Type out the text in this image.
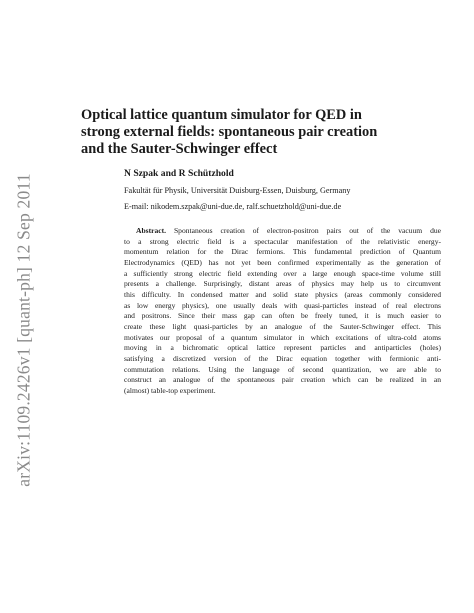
arXiv:1109.2426v1 [quant-ph] 12 Sep 2011
Optical lattice quantum simulator for QED in
strong external fields: spontaneous pair creation
and the Sauter-Schwinger effect
N Szpak and R Schützhold
Fakultät für Physik, Universität Duisburg-Essen, Duisburg, Germany
E-mail: nikodem.szpak@uni-due.de, ralf.schuetzhold@uni-due.de
Abstract. Spontaneous creation of electron-positron pairs out of the vacuum due
to a strong electric field is a spectacular manifestation of the relativistic energy-
momentum relation for the Dirac fermions. This fundamental prediction of Quantum
Electrodynamics (QED) has not yet been confirmed experimentally as the generation of
a sufficiently strong electric field extending over a large enough space-time volume still
presents a challenge. Surprisingly, distant areas of physics may help us to circumvent
this difficulty. In condensed matter and solid state physics (areas commonly considered
as low energy physics), one usually deals with quasi-particles instead of real electrons
and positrons. Since their mass gap can often be freely tuned, it is much easier to
create these light quasi-particles by an analogue of the Sauter-Schwinger effect. This
motivates our proposal of a quantum simulator in which excitations of ultra-cold atoms
moving in a bichromatic optical lattice represent particles and antiparticles (holes)
satisfying a discretized version of the Dirac equation together with fermionic anti-
commutation relations. Using the language of second quantization, we are able to
construct an analogue of the spontaneous pair creation which can be realized in an
(almost) table-top experiment.
